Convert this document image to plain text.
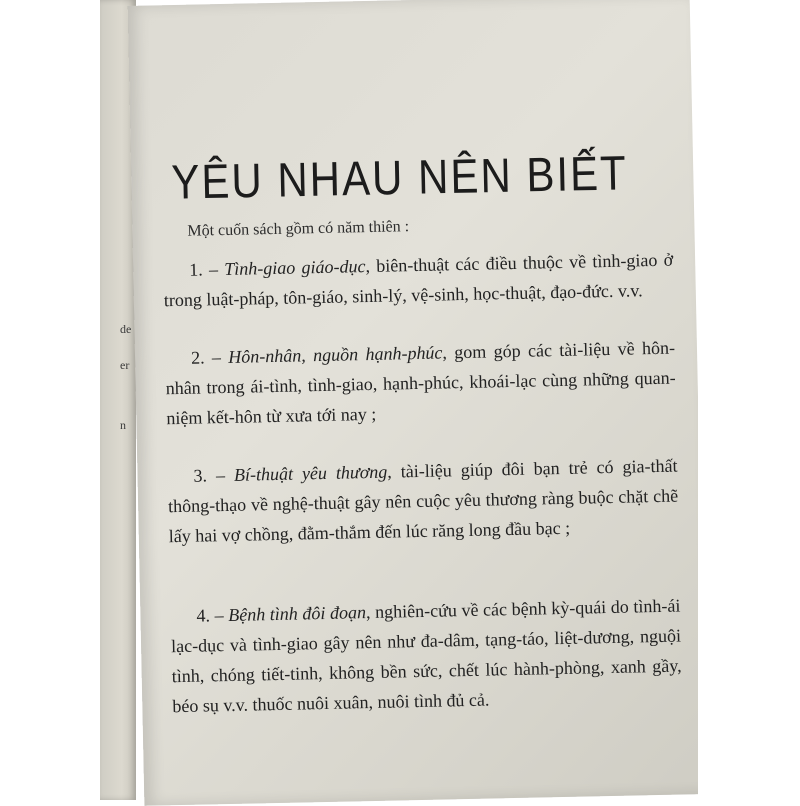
de
er
n
YÊU NHAU NÊN BIẾT
Một cuốn sách gồm có năm thiên :
1. – Tình-giao giáo-dục, biên-thuật các điều thuộc về tình-giao ở trong luật-pháp, tôn-giáo, sinh-lý, vệ-sinh, học-thuật, đạo-đức. v.v.
2. – Hôn-nhân, nguồn hạnh-phúc, gom góp các tài-liệu về hôn-nhân trong ái-tình, tình-giao, hạnh-phúc, khoái-lạc cùng những quan-niệm kết-hôn từ xưa tới nay ;
3. – Bí-thuật yêu thương, tài-liệu giúp đôi bạn trẻ có gia-thất thông-thạo về nghệ-thuật gây nên cuộc yêu thương ràng buộc chặt chẽ lấy hai vợ chồng, đằm-thắm đến lúc răng long đầu bạc ;
4. – Bệnh tình đôi đoạn, nghiên-cứu về các bệnh kỳ-quái do tình-ái lạc-dục và tình-giao gây nên như đa-dâm, tạng-táo, liệt-dương, nguội tình, chóng tiết-tinh, không bền sức, chết lúc hành-phòng, xanh gầy, béo sụ v.v. thuốc nuôi xuân, nuôi tình đủ cả.
